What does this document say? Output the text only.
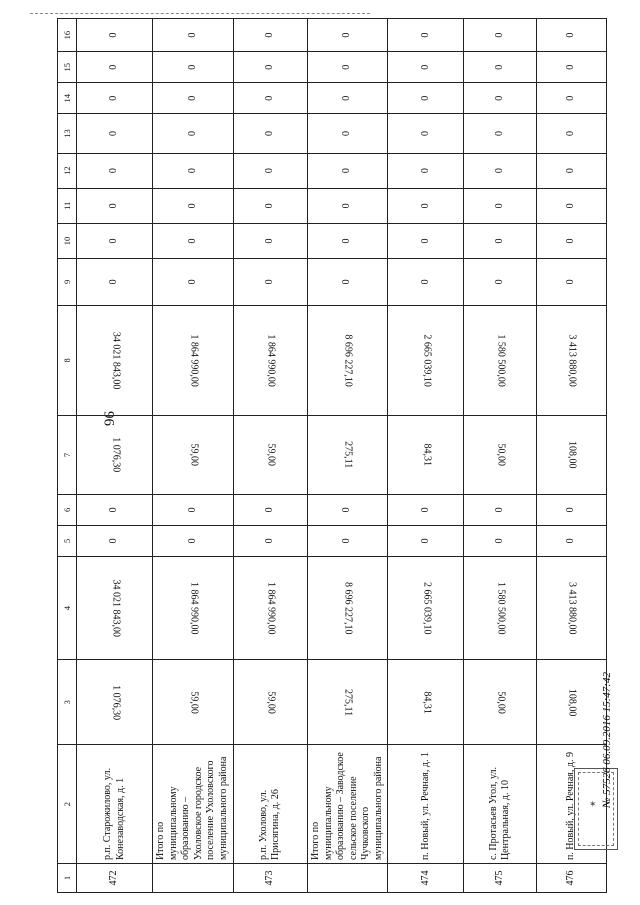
96
1	2	3	4	5	6	7	8	9	10	11	12	13	14	15	16
472	р.п. Старожилово, ул. Конезаводская, д. 1	1 076,30	34 021 843,00	0	0	1 076,30	34 021 843,00	0	0	0	0	0	0	0	0
	Итого по муниципальному образованию – Ухоловское городское поселение Ухоловского муниципального района	59,00	1 864 990,00	0	0	59,00	1 864 990,00	0	0	0	0	0	0	0	0
473	р.п. Ухолово, ул. Присягина, д. 26	59,00	1 864 990,00	0	0	59,00	1 864 990,00	0	0	0	0	0	0	0	0
	Итого по муниципальному образованию – Заводское сельское поселение Чучковского муниципального района	275,11	8 696 227,10	0	0	275,11	8 696 227,10	0	0	0	0	0	0	0	0
474	п. Новый, ул. Речная, д. 1	84,31	2 665 039,10	0	0	84,31	2 665 039,10	0	0	0	0	0	0	0	0
475	с. Протасьев Угол, ул. Центральная, д. 10	50,00	1 580 500,00	0	0	50,00	1 580 500,00	0	0	0	0	0	0	0	0
476	п. Новый, ул. Речная, д. 9	108,00	3 413 880,00	0	0	108,00	3 413 880,00	0	0	0	0	0	0	0	0
✶ № 57526 06.09.2016 15:47:42
